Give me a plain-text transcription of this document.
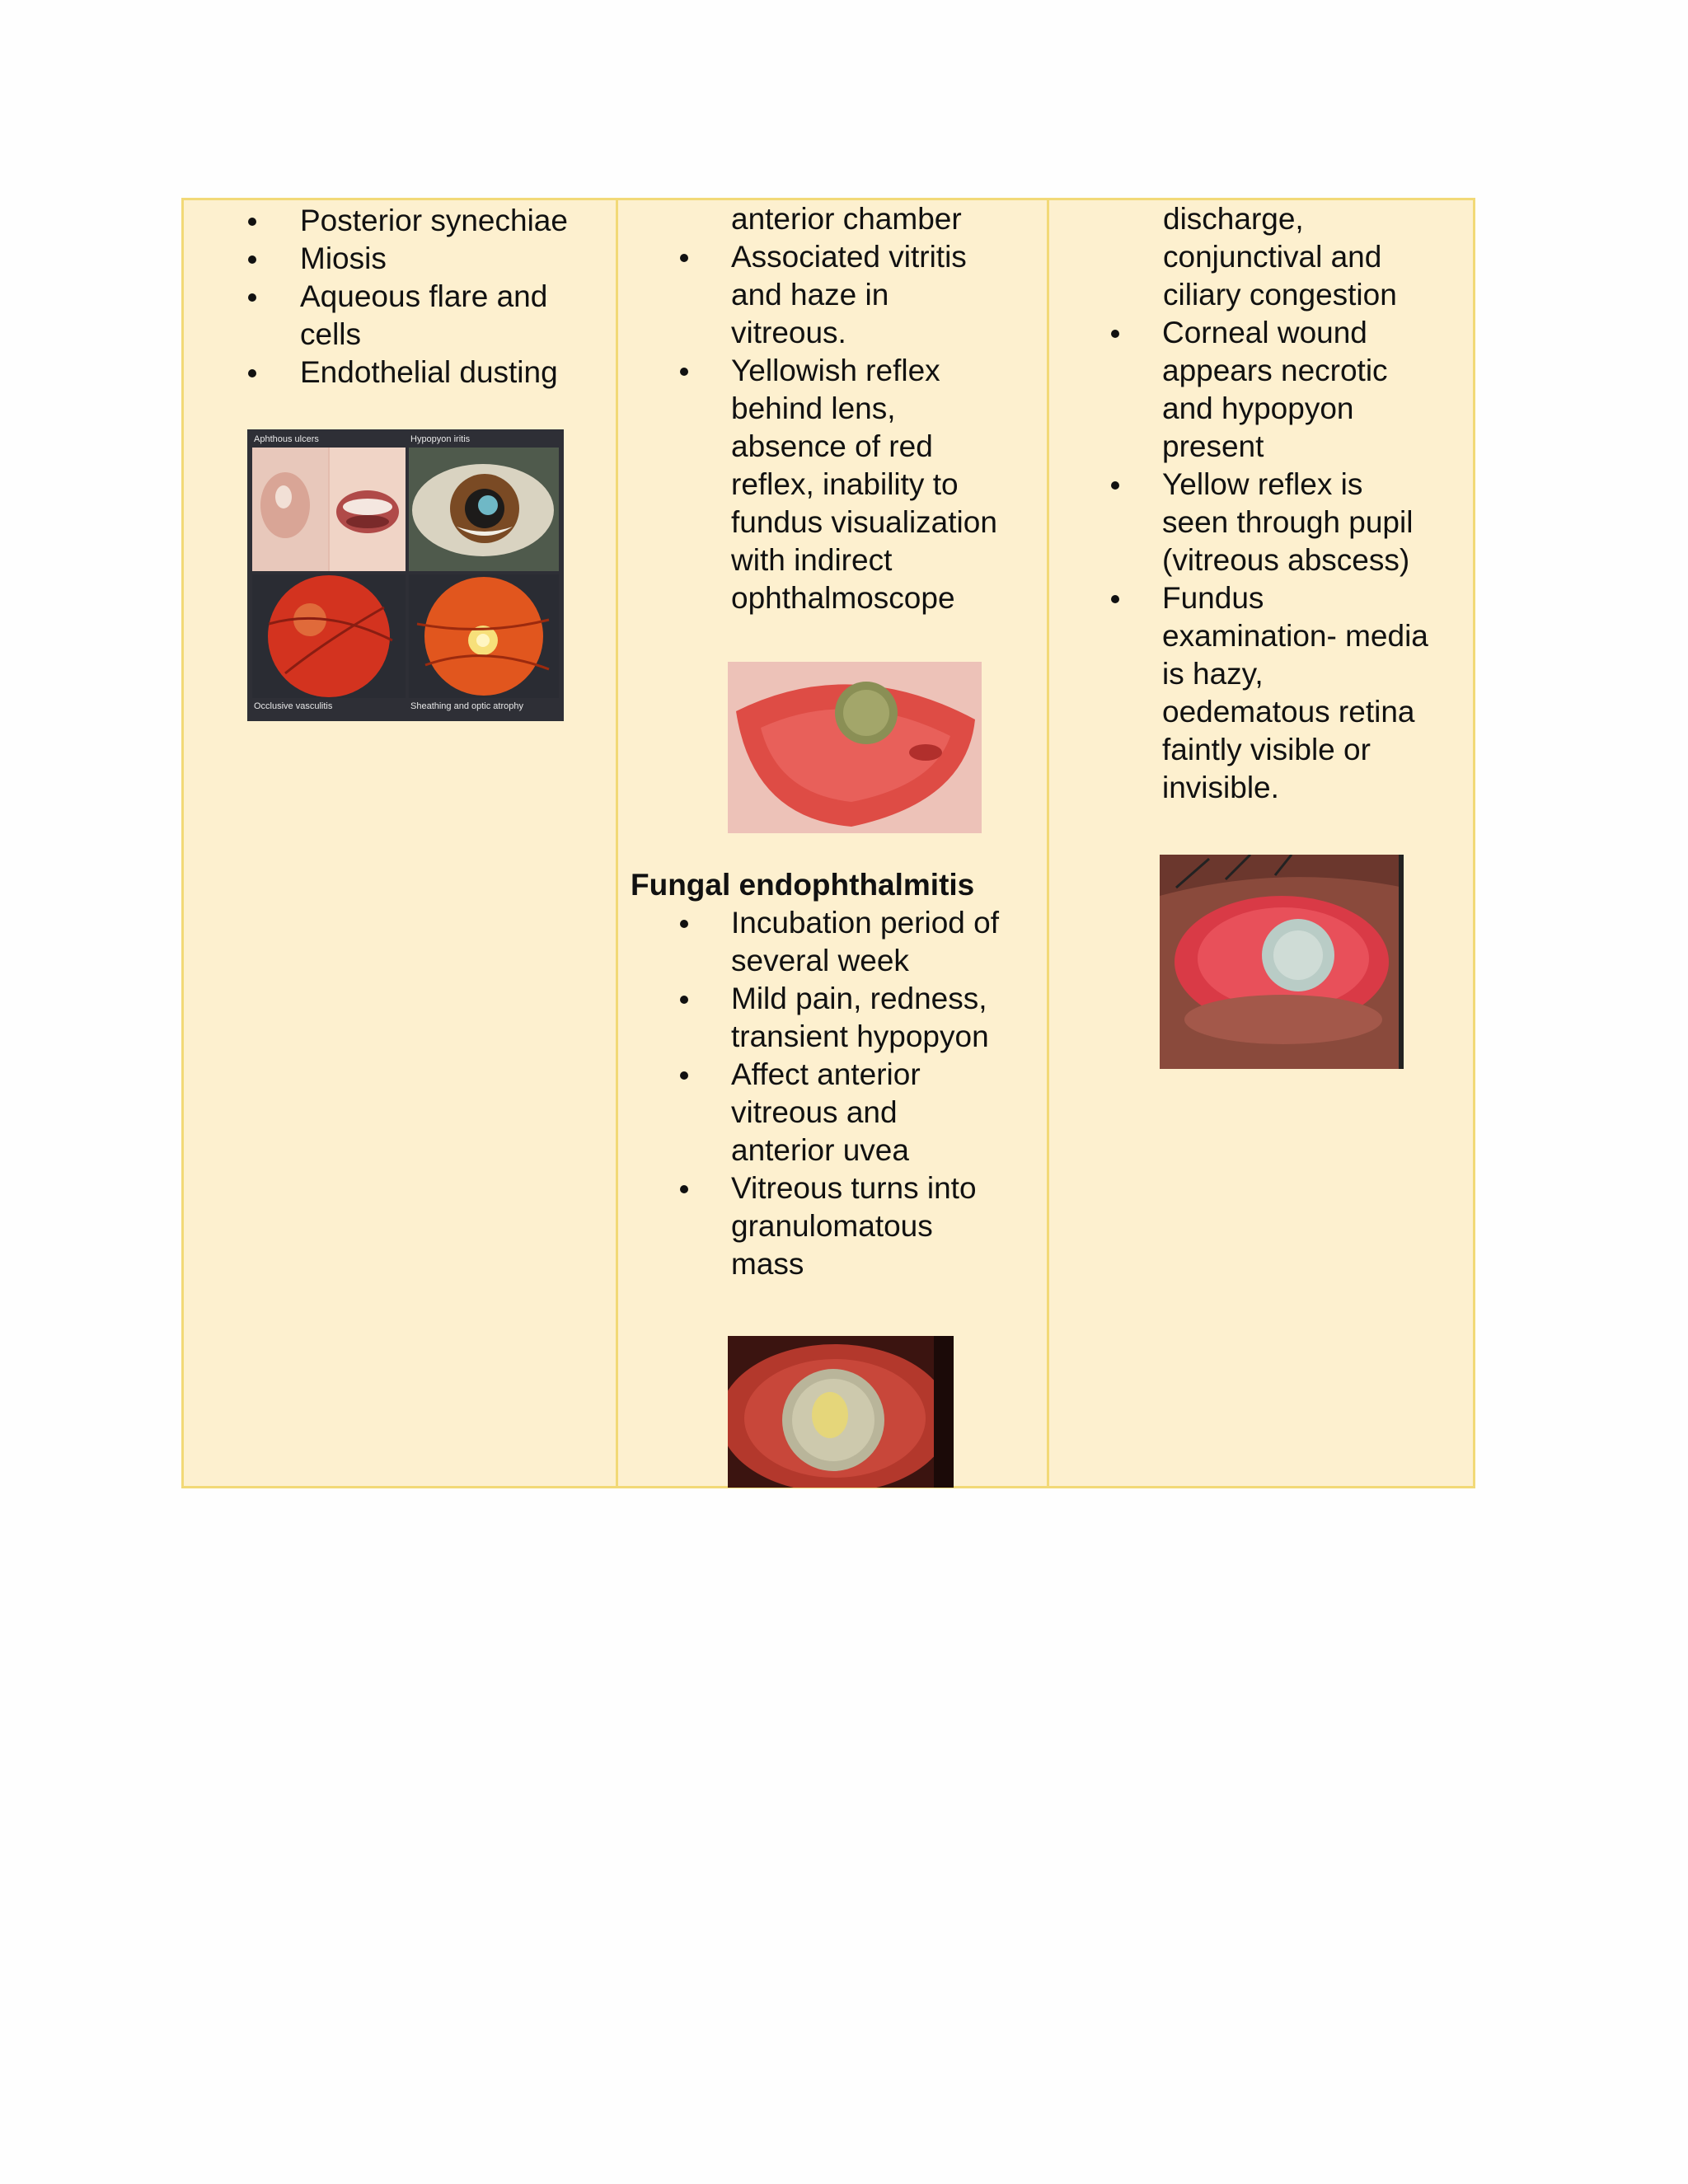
Posterior synechiae
Miosis
Aqueous flare and
cells
Endothelial dusting
Aphthous ulcers	Hypopyon iritis
Occlusive vasculitis	Sheathing and optic atrophy
anterior chamber
Associated vitritis
and haze in
vitreous.
Yellowish reflex
behind lens,
absence of red
reflex, inability to
fundus visualization
with indirect
ophthalmoscope
Fungal endophthalmitis
Incubation period of
several week
Mild pain, redness,
transient hypopyon
Affect anterior
vitreous and
anterior uvea
Vitreous turns into
granulomatous
mass
discharge,
conjunctival and
ciliary congestion
Corneal wound
appears necrotic
and hypopyon
present
Yellow reflex is
seen through pupil
(vitreous abscess)
Fundus
examination- media
is hazy,
oedematous retina
faintly visible or
invisible.
